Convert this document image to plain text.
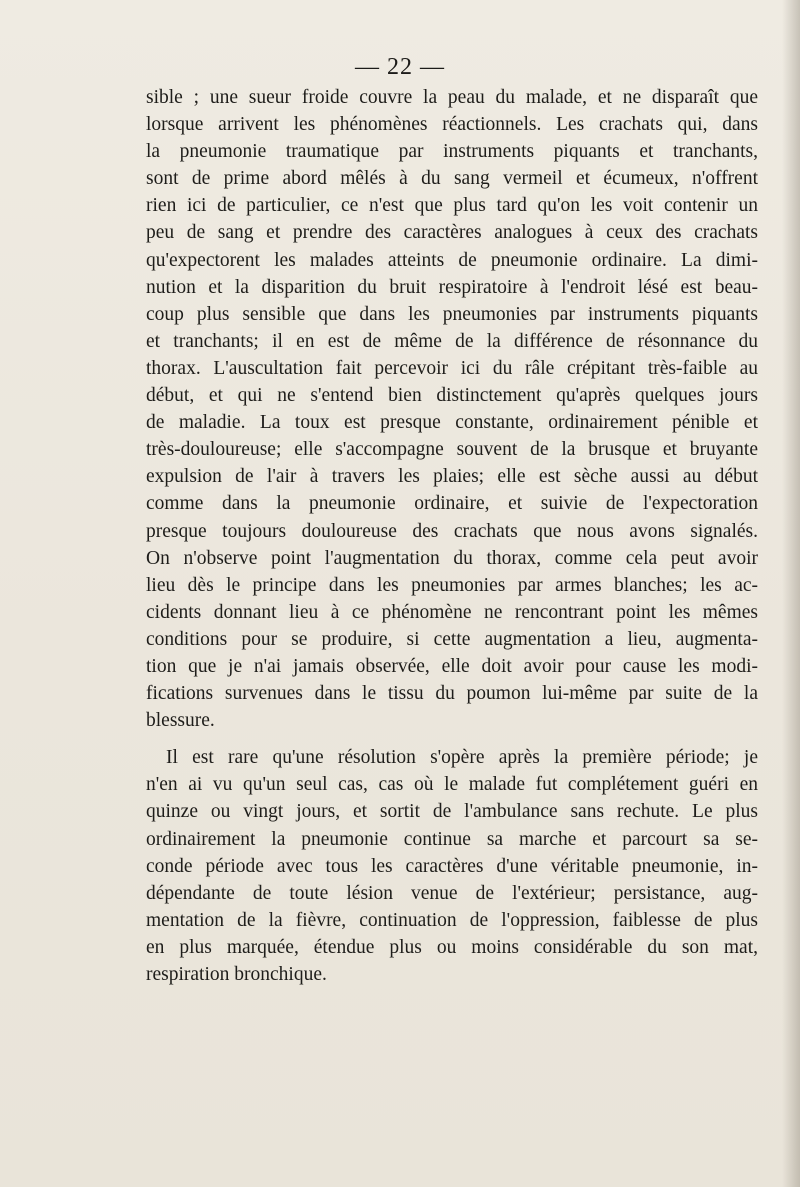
— 22 —
sible ; une sueur froide couvre la peau du malade, et ne disparaît que
lorsque arrivent les phénomènes réactionnels. Les crachats qui, dans
la pneumonie traumatique par instruments piquants et tranchants,
sont de prime abord mêlés à du sang vermeil et écumeux, n'offrent
rien ici de particulier, ce n'est que plus tard qu'on les voit contenir un
peu de sang et prendre des caractères analogues à ceux des crachats
qu'expectorent les malades atteints de pneumonie ordinaire. La dimi-
nution et la disparition du bruit respiratoire à l'endroit lésé est beau-
coup plus sensible que dans les pneumonies par instruments piquants
et tranchants; il en est de même de la différence de résonnance du
thorax. L'auscultation fait percevoir ici du râle crépitant très-faible au
début, et qui ne s'entend bien distinctement qu'après quelques jours
de maladie. La toux est presque constante, ordinairement pénible et
très-douloureuse; elle s'accompagne souvent de la brusque et bruyante
expulsion de l'air à travers les plaies; elle est sèche aussi au début
comme dans la pneumonie ordinaire, et suivie de l'expectoration
presque toujours douloureuse des crachats que nous avons signalés.
On n'observe point l'augmentation du thorax, comme cela peut avoir
lieu dès le principe dans les pneumonies par armes blanches; les ac-
cidents donnant lieu à ce phénomène ne rencontrant point les mêmes
conditions pour se produire, si cette augmentation a lieu, augmenta-
tion que je n'ai jamais observée, elle doit avoir pour cause les modi-
fications survenues dans le tissu du poumon lui-même par suite de la
blessure.
Il est rare qu'une résolution s'opère après la première période; je
n'en ai vu qu'un seul cas, cas où le malade fut complétement guéri en
quinze ou vingt jours, et sortit de l'ambulance sans rechute. Le plus
ordinairement la pneumonie continue sa marche et parcourt sa se-
conde période avec tous les caractères d'une véritable pneumonie, in-
dépendante de toute lésion venue de l'extérieur; persistance, aug-
mentation de la fièvre, continuation de l'oppression, faiblesse de plus
en plus marquée, étendue plus ou moins considérable du son mat,
respiration bronchique.
